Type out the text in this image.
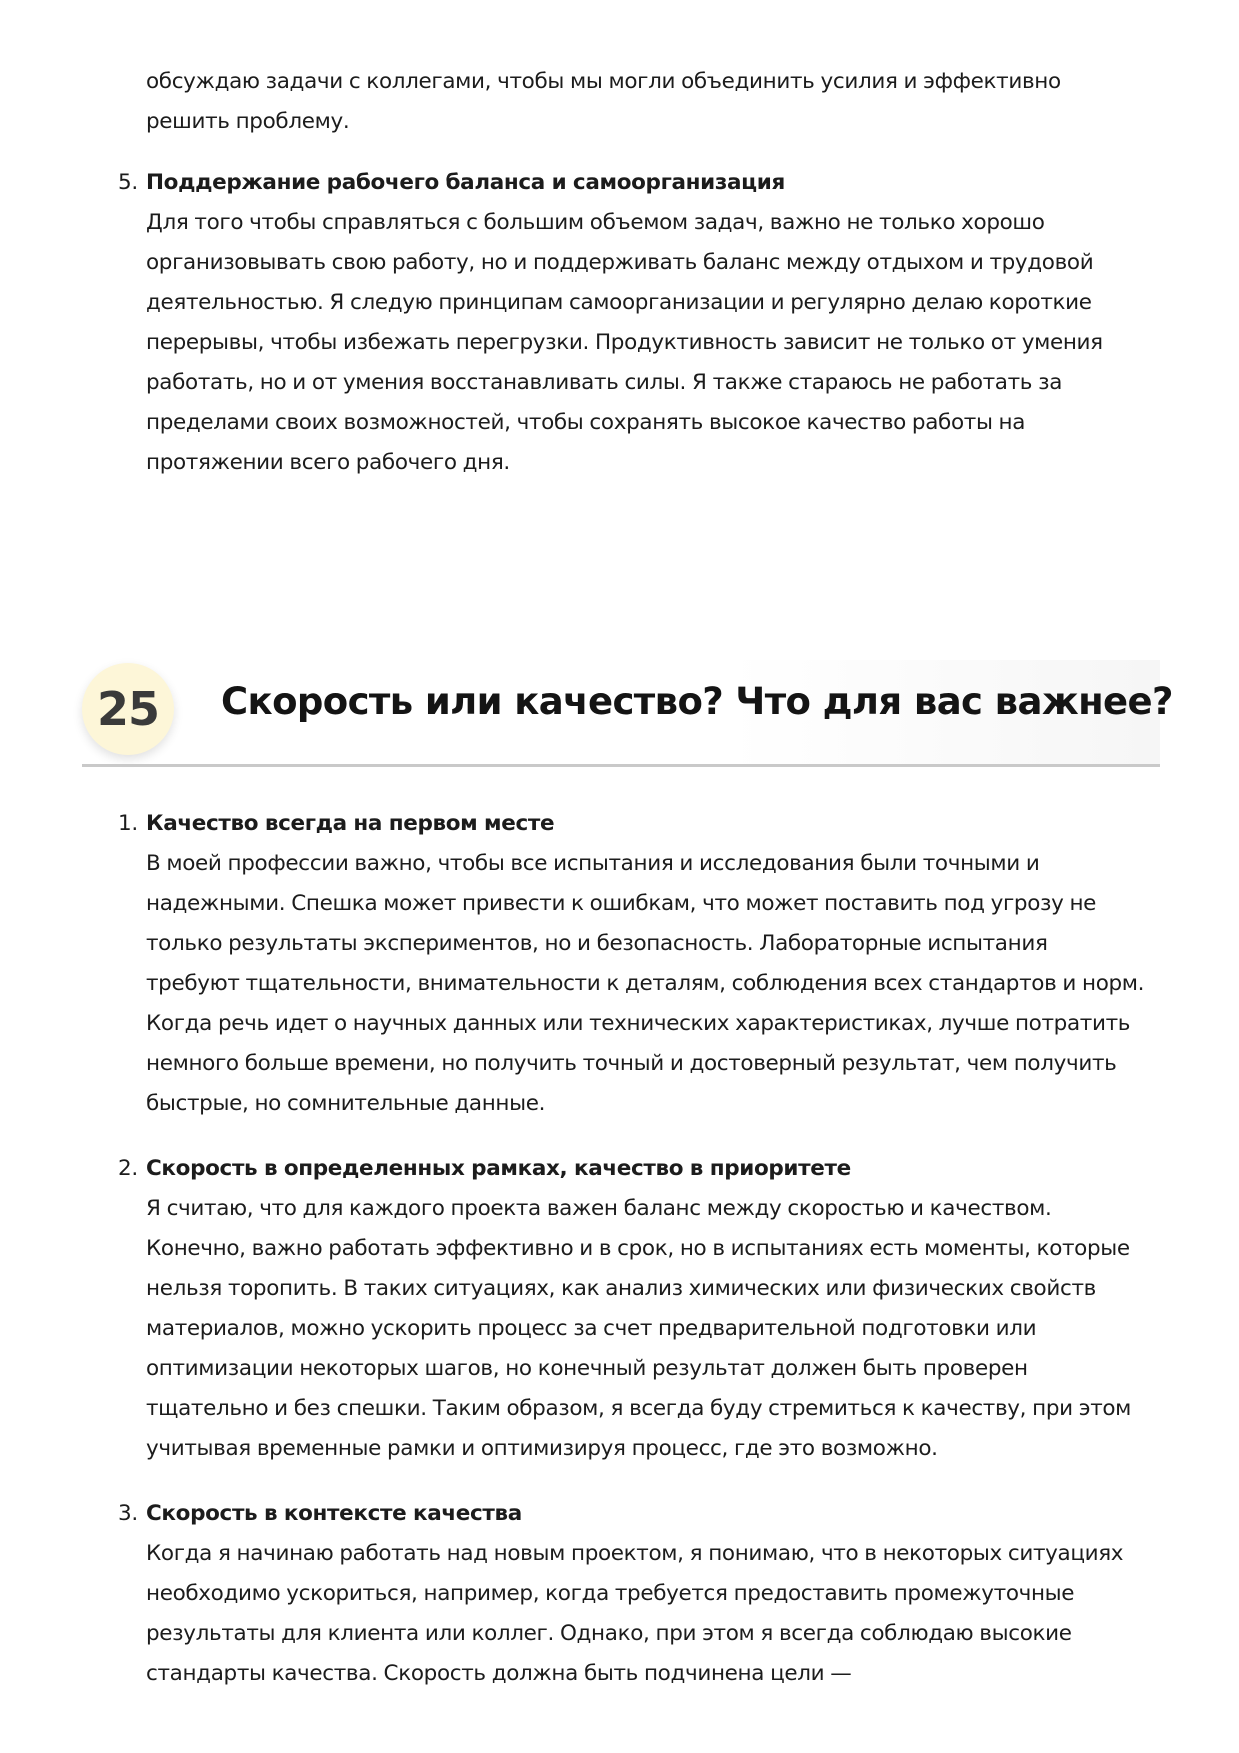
обсуждаю задачи с коллегами, чтобы мы могли объединить усилия и эффективно решить проблему.

5. Поддержание рабочего баланса и самоорганизация

Для того чтобы справляться с большим объемом задач, важно не только хорошо организовывать свою работу, но и поддерживать баланс между отдыхом и трудовой деятельностью. Я следую принципам самоорганизации и регулярно делаю короткие перерывы, чтобы избежать перегрузки. Продуктивность зависит не только от умения работать, но и от умения восстанавливать силы. Я также стараюсь не работать за пределами своих возможностей, чтобы сохранять высокое качество работы на протяжении всего рабочего дня.

25	Скорость или качество? Что для вас важнее?

1. Качество всегда на первом месте

В моей профессии важно, чтобы все испытания и исследования были точными и надежными. Спешка может привести к ошибкам, что может поставить под угрозу не только результаты экспериментов, но и безопасность. Лабораторные испытания требуют тщательности, внимательности к деталям, соблюдения всех стандартов и норм. Когда речь идет о научных данных или технических характеристиках, лучше потратить немного больше времени, но получить точный и достоверный результат, чем получить быстрые, но сомнительные данные.

2. Скорость в определенных рамках, качество в приоритете

Я считаю, что для каждого проекта важен баланс между скоростью и качеством. Конечно, важно работать эффективно и в срок, но в испытаниях есть моменты, которые нельзя торопить. В таких ситуациях, как анализ химических или физических свойств материалов, можно ускорить процесс за счет предварительной подготовки или оптимизации некоторых шагов, но конечный результат должен быть проверен тщательно и без спешки. Таким образом, я всегда буду стремиться к качеству, при этом учитывая временные рамки и оптимизируя процесс, где это возможно.

3. Скорость в контексте качества

Когда я начинаю работать над новым проектом, я понимаю, что в некоторых ситуациях необходимо ускориться, например, когда требуется предоставить промежуточные результаты для клиента или коллег. Однако, при этом я всегда соблюдаю высокие стандарты качества. Скорость должна быть подчинена цели —
